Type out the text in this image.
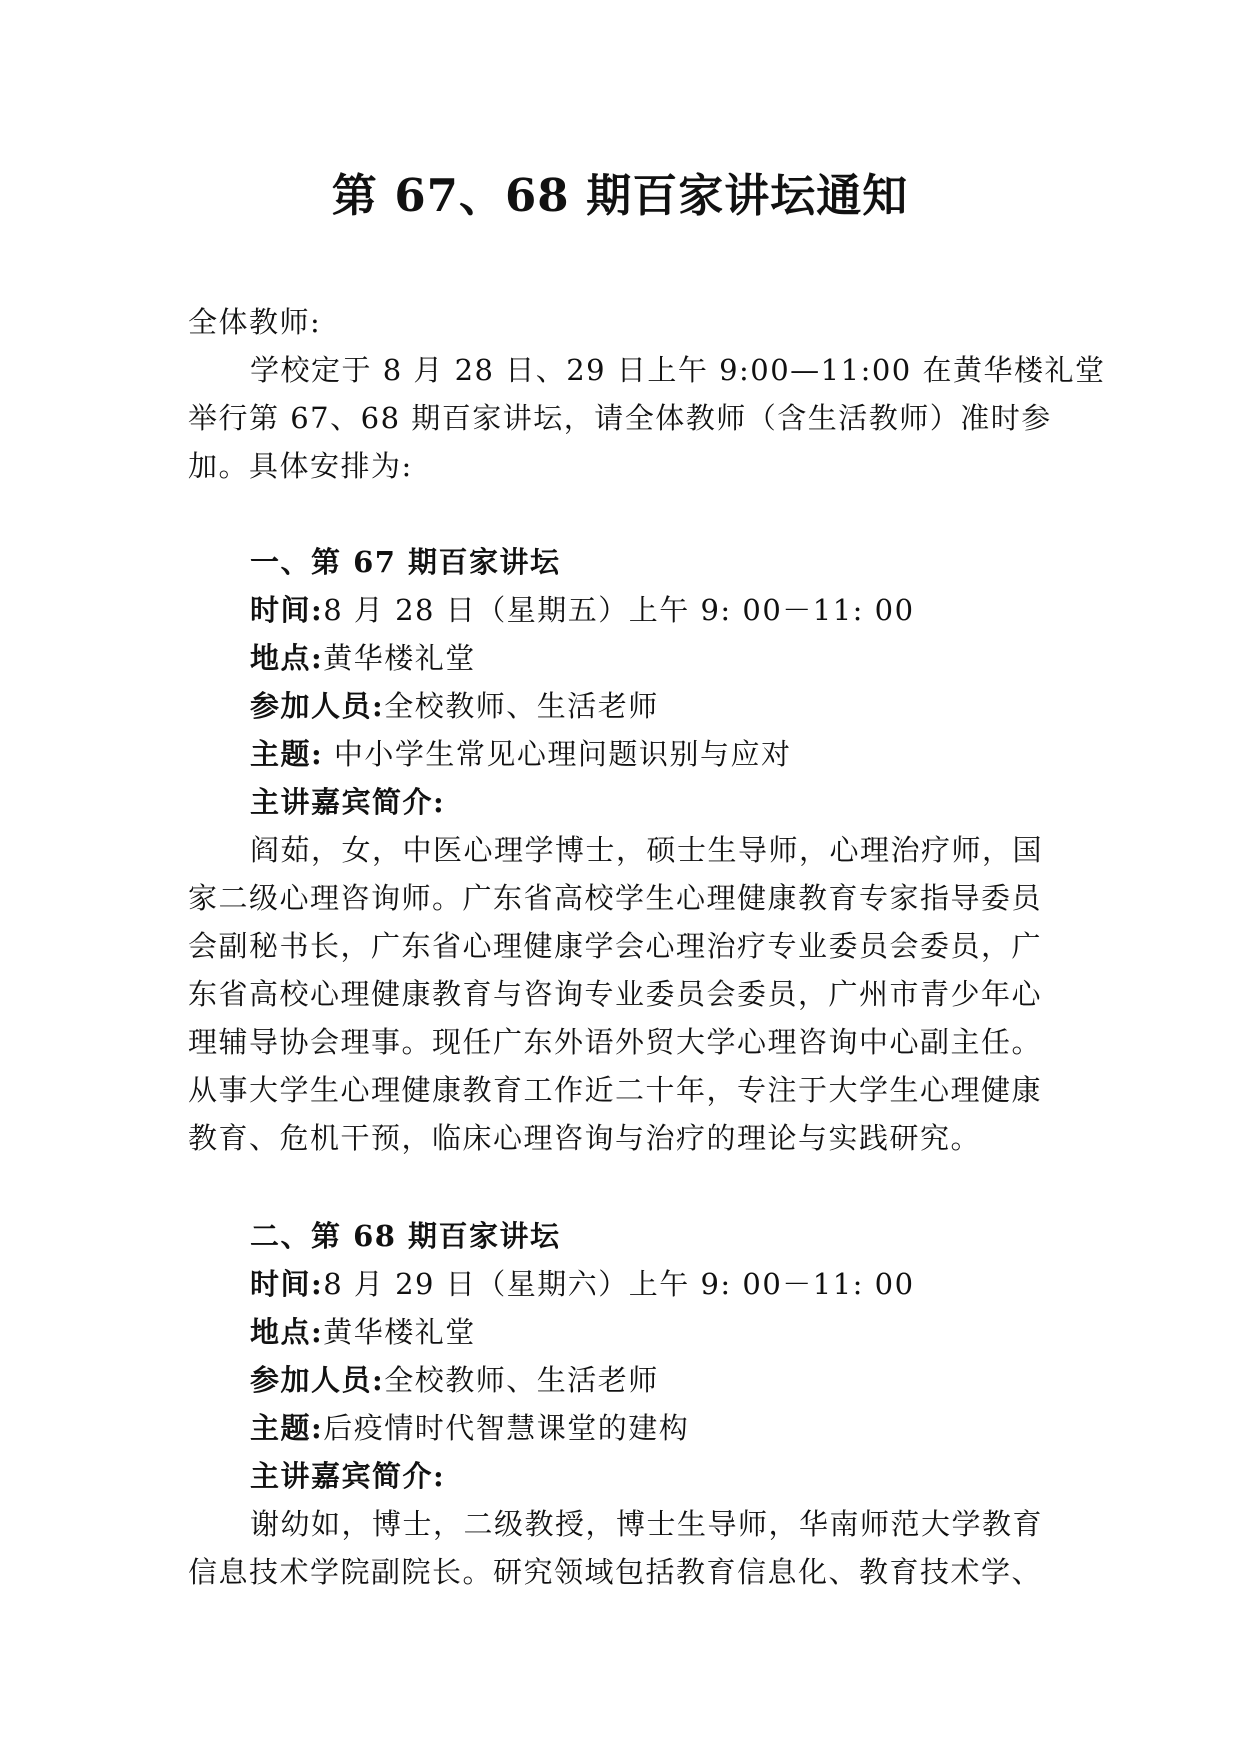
第 67、68 期百家讲坛通知
全体教师:
学校定于 8 月 28 日、29 日上午 9:00—11:00 在黄华楼礼堂
举行第 67、68 期百家讲坛，请全体教师（含生活教师）准时参
加。具体安排为:
一、第 67 期百家讲坛
时间:8 月 28 日（星期五）上午 9: 00－11: 00
地点:黄华楼礼堂
参加人员:全校教师、生活老师
主题: 中小学生常见心理问题识别与应对
主讲嘉宾简介:
阎茹，女，中医心理学博士，硕士生导师，心理治疗师，国
家二级心理咨询师。广东省高校学生心理健康教育专家指导委员
会副秘书长，广东省心理健康学会心理治疗专业委员会委员，广
东省高校心理健康教育与咨询专业委员会委员，广州市青少年心
理辅导协会理事。现任广东外语外贸大学心理咨询中心副主任。
从事大学生心理健康教育工作近二十年，专注于大学生心理健康
教育、危机干预，临床心理咨询与治疗的理论与实践研究。
二、第 68 期百家讲坛
时间:8 月 29 日（星期六）上午 9: 00－11: 00
地点:黄华楼礼堂
参加人员:全校教师、生活老师
主题:后疫情时代智慧课堂的建构
主讲嘉宾简介:
谢幼如，博士，二级教授，博士生导师，华南师范大学教育
信息技术学院副院长。研究领域包括教育信息化、教育技术学、
